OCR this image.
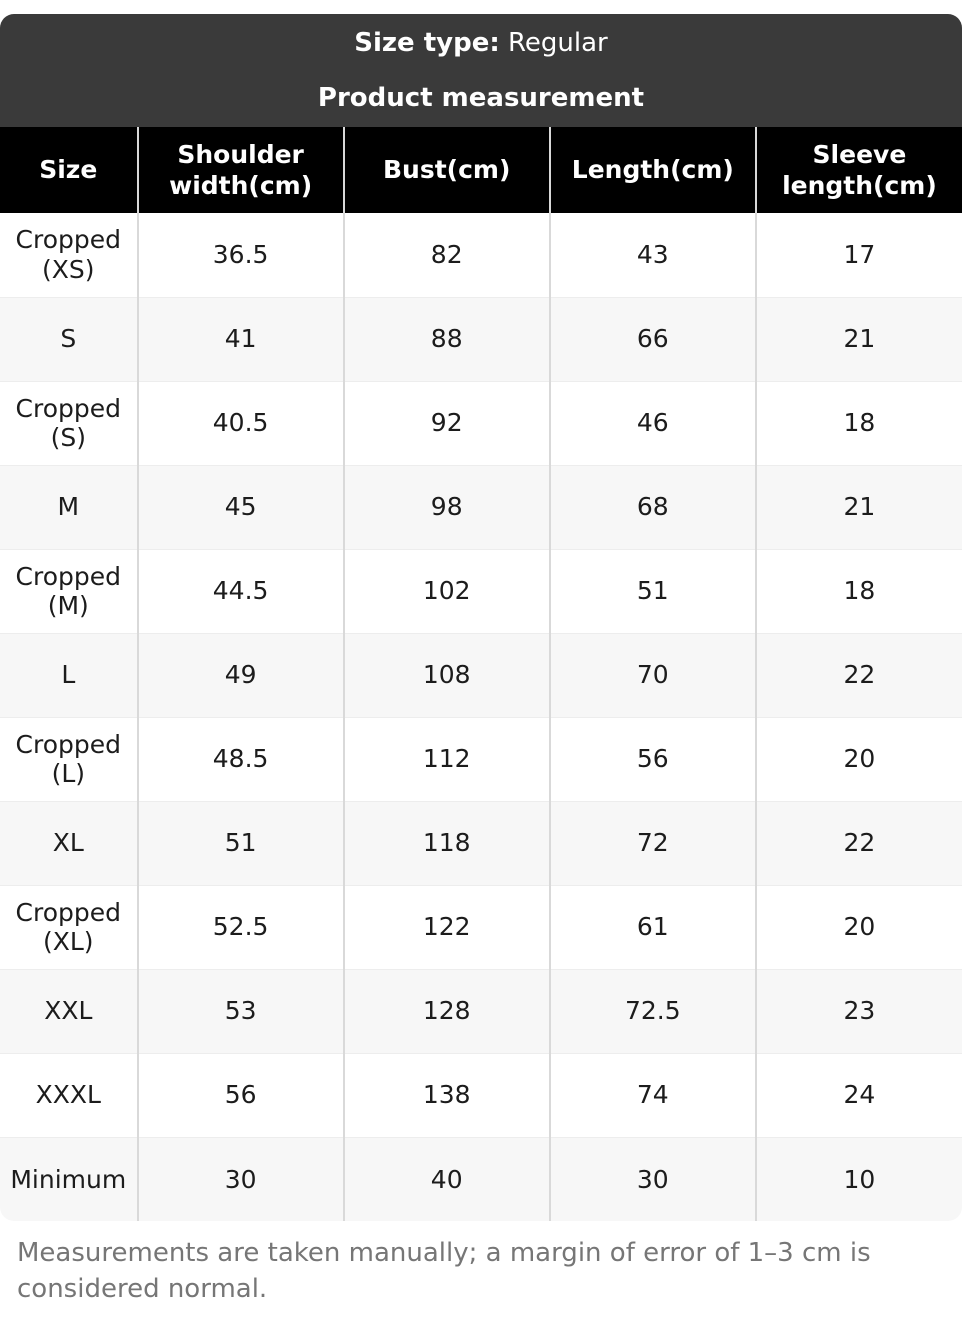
Size type: Regular
Product measurement
Size	Shoulder width(cm)	Bust(cm)	Length(cm)	Sleeve length(cm)
Cropped (XS)	36.5	82	43	17
S	41	88	66	21
Cropped (S)	40.5	92	46	18
M	45	98	68	21
Cropped (M)	44.5	102	51	18
L	49	108	70	22
Cropped (L)	48.5	112	56	20
XL	51	118	72	22
Cropped (XL)	52.5	122	61	20
XXL	53	128	72.5	23
XXXL	56	138	74	24
Minimum	30	40	30	10
Measurements are taken manually; a margin of error of 1–3 cm is considered normal.
